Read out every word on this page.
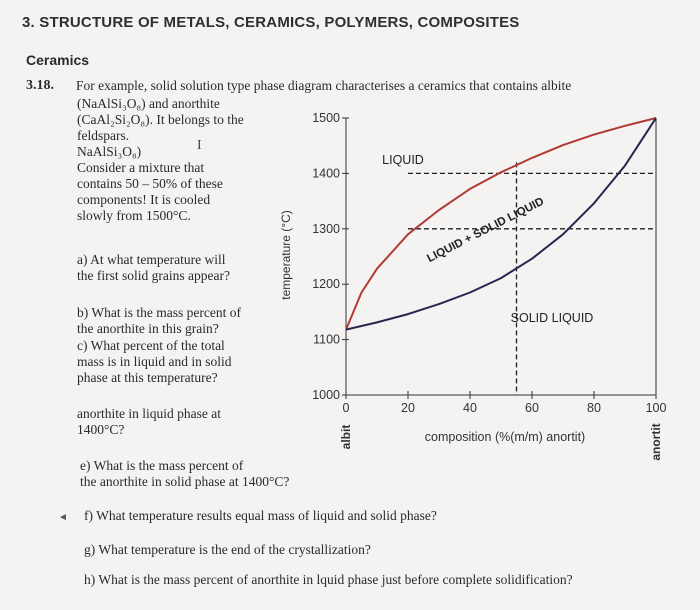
3. STRUCTURE OF METALS, CERAMICS, POLYMERS, COMPOSITES
Ceramics
3.18. For example, solid solution type phase diagram characterises a ceramics that contains albite
(NaAlSi₃O₈) and anorthite
(CaAl₂Si₂O₈). It belongs to the
feldspars.
NaAlSi₃O₈)
Consider a mixture that
contains 50 – 50% of these
components! It is cooled
slowly from 1500°C.
I
a) At what temperature will
the first solid grains appear?
b) What is the mass percent of
the anorthite in this grain?
c) What percent of the total
mass is in liquid and in solid
phase at this temperature?
anorthite in liquid phase at
1400°C?
e) What is the mass percent of
the anorthite in solid phase at 1400°C?
◄ f) What temperature results equal mass of liquid and solid phase?
g) What temperature is the end of the crystallization?
h) What is the mass percent of anorthite in lquid phase just before complete solidification?
1500
1400
1300
1200
1100
1000
0	20	40	60	80	100
temperature (°C)
composition (%(m/m) anortit)
albit	anortit
LIQUID
LIQUID + SOLID LIQUID
SOLID LIQUID
